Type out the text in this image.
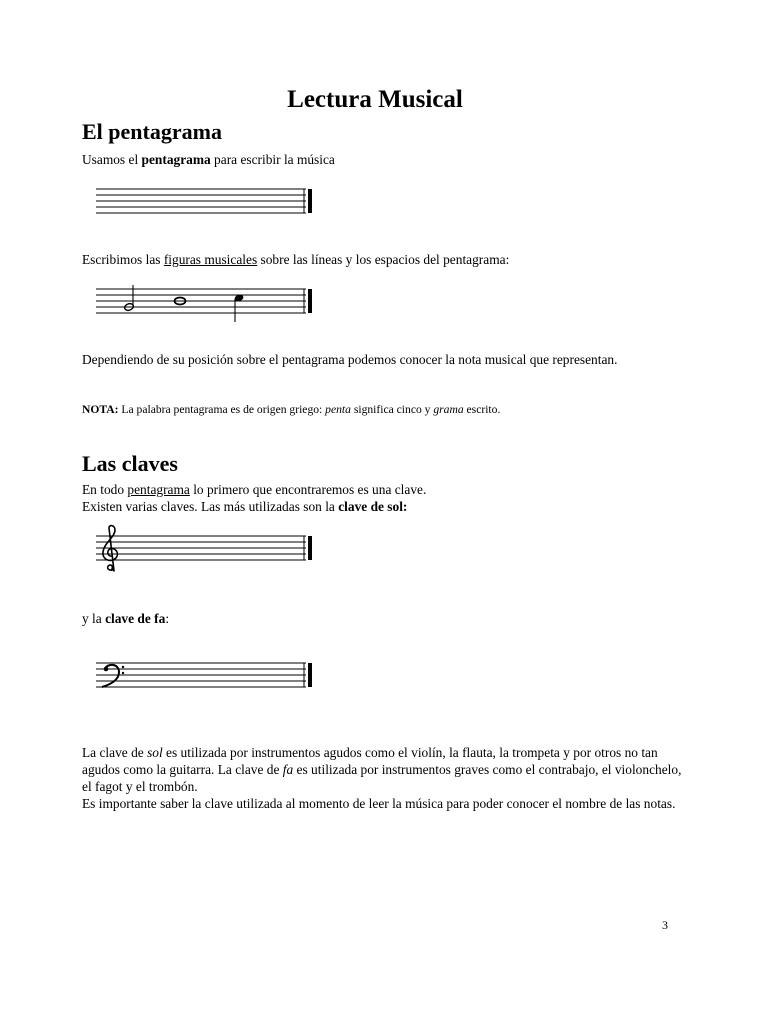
Lectura Musical
El pentagrama
Usamos el pentagrama para escribir la música
Escribimos las figuras musicales sobre las líneas y los espacios del pentagrama:
Dependiendo de su posición sobre el pentagrama podemos conocer la nota musical que representan.
NOTA: La palabra pentagrama es de origen griego: penta significa cinco y grama escrito.
Las claves
En todo pentagrama lo primero que encontraremos es una clave.
Existen varias claves. Las más utilizadas son la clave de sol:
y la clave de fa:
La clave de sol es utilizada por instrumentos agudos como el violín, la flauta, la trompeta y por otros no tan agudos como la guitarra. La clave de fa es utilizada por instrumentos graves como el contrabajo, el violonchelo, el fagot y el trombón.
Es importante saber la clave utilizada al momento de leer la música para poder conocer el nombre de las notas.
3
